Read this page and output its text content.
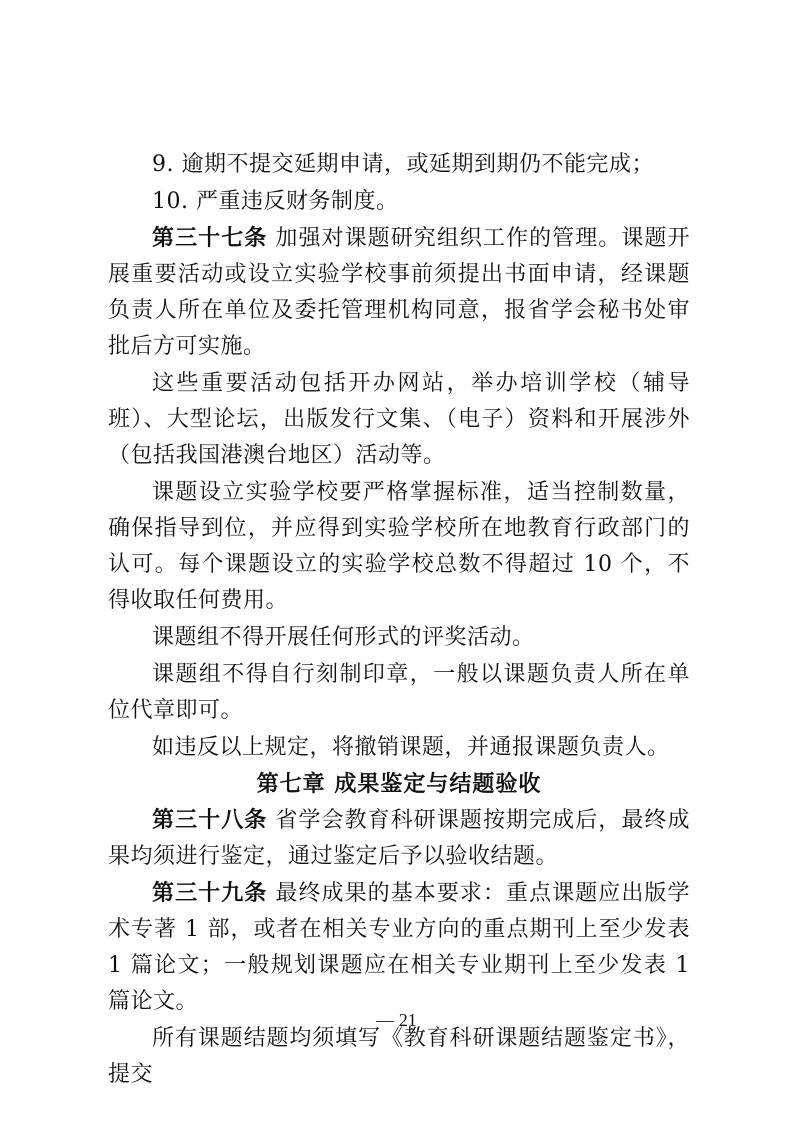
9. 逾期不提交延期申请，或延期到期仍不能完成；

10. 严重违反财务制度。

第三十七条 加强对课题研究组织工作的管理。课题开展重要活动或设立实验学校事前须提出书面申请，经课题负责人所在单位及委托管理机构同意，报省学会秘书处审批后方可实施。

这些重要活动包括开办网站，举办培训学校（辅导班）、大型论坛，出版发行文集、（电子）资料和开展涉外（包括我国港澳台地区）活动等。

课题设立实验学校要严格掌握标准，适当控制数量，确保指导到位，并应得到实验学校所在地教育行政部门的认可。每个课题设立的实验学校总数不得超过 10 个，不得收取任何费用。

课题组不得开展任何形式的评奖活动。

课题组不得自行刻制印章，一般以课题负责人所在单位代章即可。

如违反以上规定，将撤销课题，并通报课题负责人。

第七章 成果鉴定与结题验收

第三十八条 省学会教育科研课题按期完成后，最终成果均须进行鉴定，通过鉴定后予以验收结题。

第三十九条 最终成果的基本要求：重点课题应出版学术专著 1 部，或者在相关专业方向的重点期刊上至少发表 1 篇论文；一般规划课题应在相关专业期刊上至少发表 1 篇论文。

所有课题结题均须填写《教育科研课题结题鉴定书》，提交

— 21
